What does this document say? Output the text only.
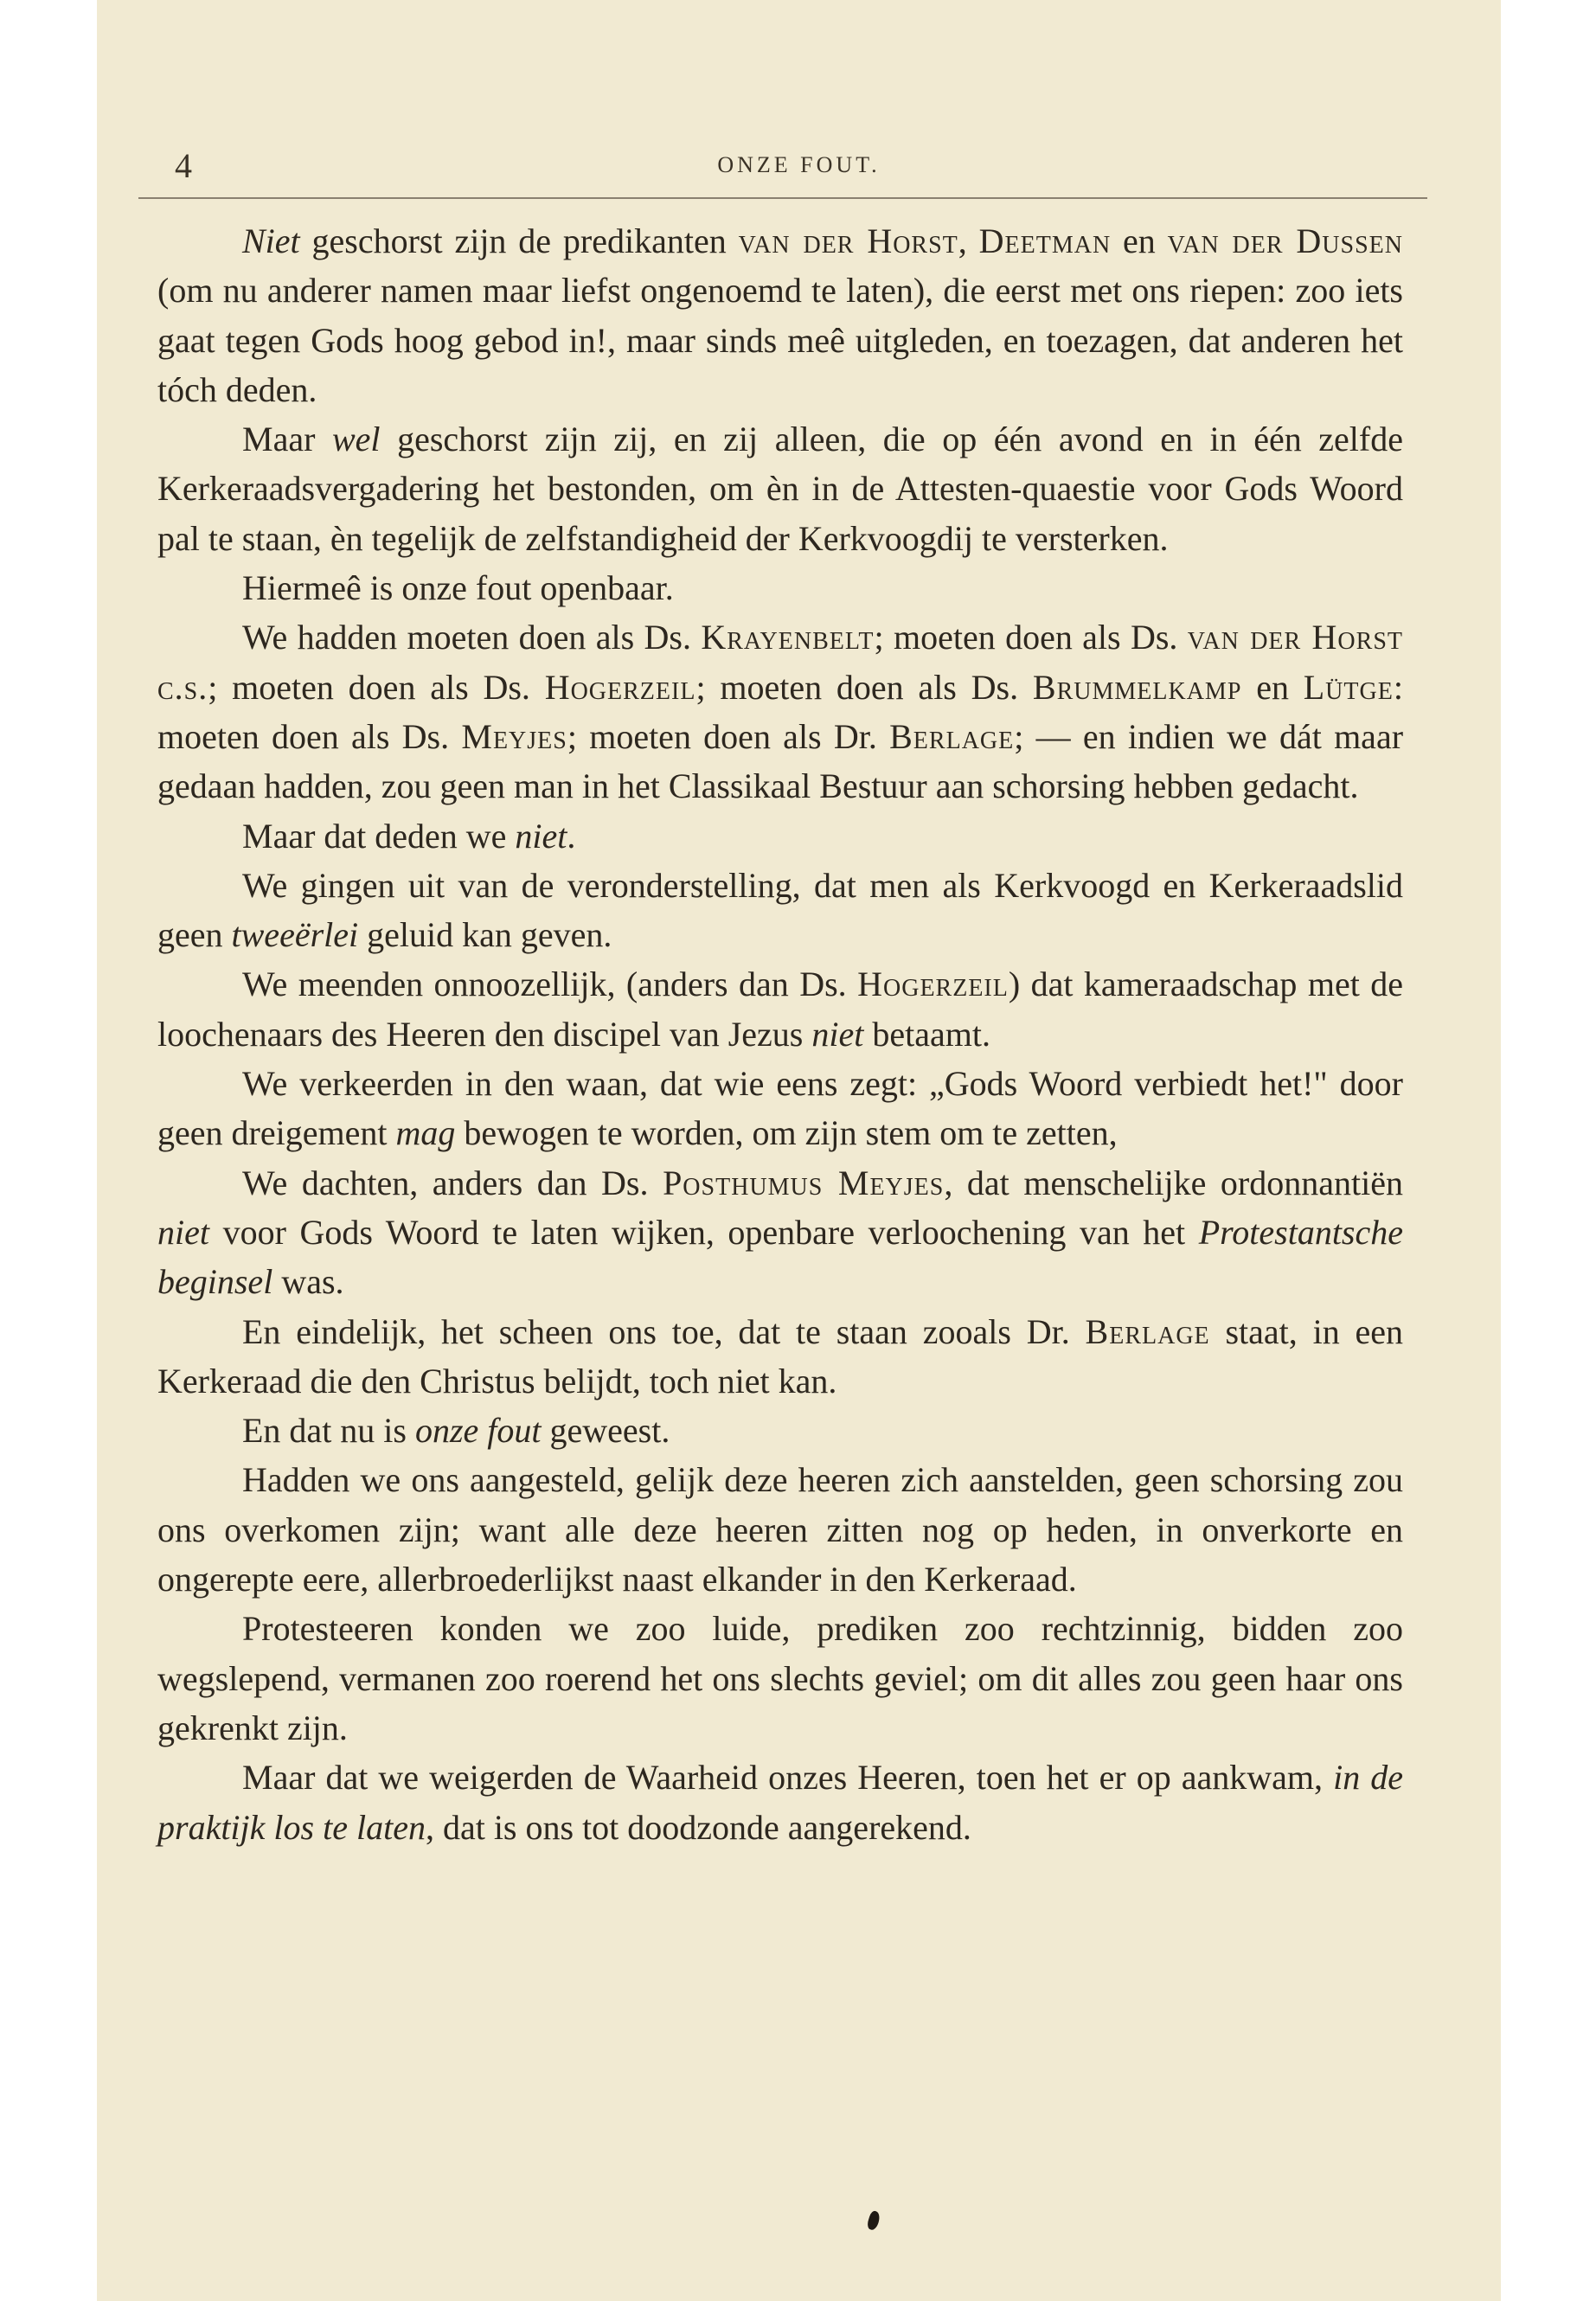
4	ONZE FOUT.

Niet geschorst zijn de predikanten van der Horst, Deetman en van der Dussen (om nu anderer namen maar liefst ongenoemd te laten), die eerst met ons riepen: zoo iets gaat tegen Gods hoog gebod in!, maar sinds meê uitgleden, en toezagen, dat anderen het tóch deden.

Maar wel geschorst zijn zij, en zij alleen, die op één avond en in één zelfde Kerkeraadsvergadering het bestonden, om èn in de Attesten-quaestie voor Gods Woord pal te staan, èn tegelijk de zelfstandigheid der Kerkvoogdij te versterken.

Hiermeê is onze fout openbaar.

We hadden moeten doen als Ds. Krayenbelt; moeten doen als Ds. van der Horst c.s.; moeten doen als Ds. Hogerzeil; moeten doen als Ds. Brummelkamp en Lütge: moeten doen als Ds. Meyjes; moeten doen als Dr. Berlage; — en indien we dát maar gedaan hadden, zou geen man in het Classikaal Bestuur aan schorsing hebben gedacht.

Maar dat deden we niet.

We gingen uit van de veronderstelling, dat men als Kerkvoogd en Kerkeraadslid geen tweeërlei geluid kan geven.

We meenden onnoozellijk, (anders dan Ds. Hogerzeil) dat kameraadschap met de loochenaars des Heeren den discipel van Jezus niet betaamt.

We verkeerden in den waan, dat wie eens zegt: „Gods Woord verbiedt het!" door geen dreigement mag bewogen te worden, om zijn stem om te zetten,

We dachten, anders dan Ds. Posthumus Meyjes, dat menschelijke ordonnantiën niet voor Gods Woord te laten wijken, openbare verloochening van het Protestantsche beginsel was.

En eindelijk, het scheen ons toe, dat te staan zooals Dr. Berlage staat, in een Kerkeraad die den Christus belijdt, toch niet kan.

En dat nu is onze fout geweest.

Hadden we ons aangesteld, gelijk deze heeren zich aanstelden, geen schorsing zou ons overkomen zijn; want alle deze heeren zitten nog op heden, in onverkorte en ongerepte eere, allerbroederlijkst naast elkander in den Kerkeraad.

Protesteeren konden we zoo luide, prediken zoo rechtzinnig, bidden zoo wegslepend, vermanen zoo roerend het ons slechts geviel; om dit alles zou geen haar ons gekrenkt zijn.

Maar dat we weigerden de Waarheid onzes Heeren, toen het er op aankwam, in de praktijk los te laten, dat is ons tot doodzonde aangerekend.
